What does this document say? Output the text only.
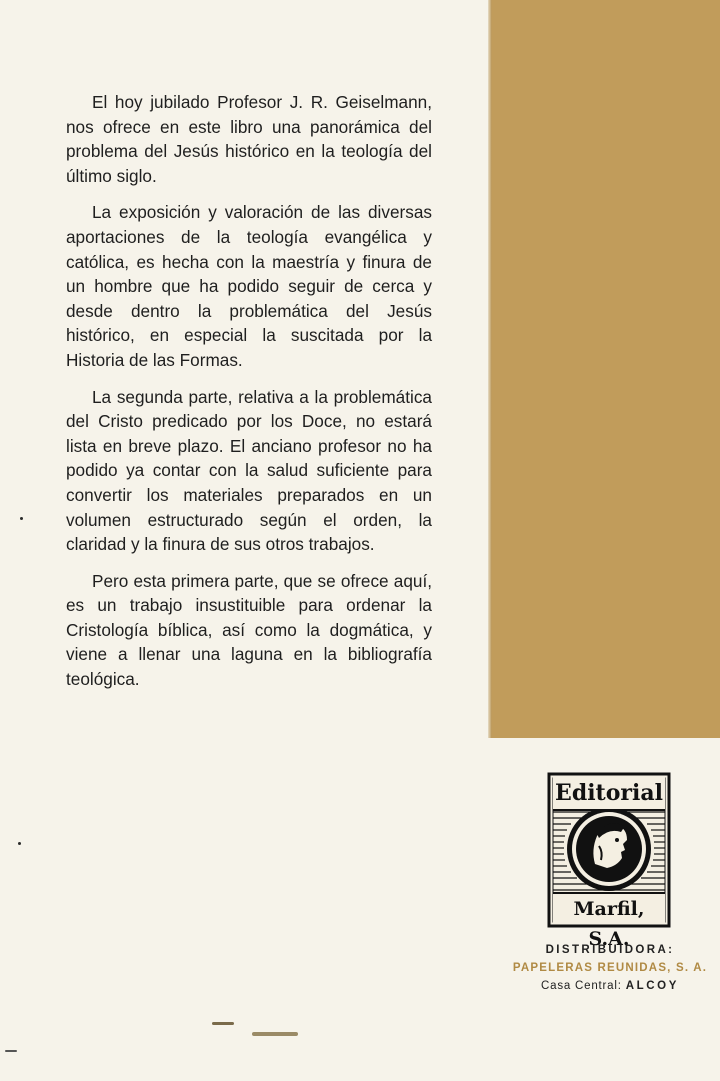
El hoy jubilado Profesor J. R. Geiselmann, nos ofrece en este libro una panorámica del problema del Jesús histórico en la teología del último siglo.

La exposición y valoración de las diversas aportaciones de la teología evangélica y católica, es hecha con la maestría y finura de un hombre que ha podido seguir de cerca y desde dentro la problemática del Jesús histórico, en especial la suscitada por la Historia de las Formas.

La segunda parte, relativa a la problemática del Cristo predicado por los Doce, no estará lista en breve plazo. El anciano profesor no ha podido ya contar con la salud suficiente para convertir los materiales preparados en un volumen estructurado según el orden, la claridad y la finura de sus otros trabajos.

Pero esta primera parte, que se ofrece aquí, es un trabajo insustituible para ordenar la Cristología bíblica, así como la dogmática, y viene a llenar una laguna en la bibliografía teológica.

Editorial
Marfil, S.A.
DISTRIBUIDORA:
PAPELERAS REUNIDAS, S. A.
Casa Central: ALCOY
